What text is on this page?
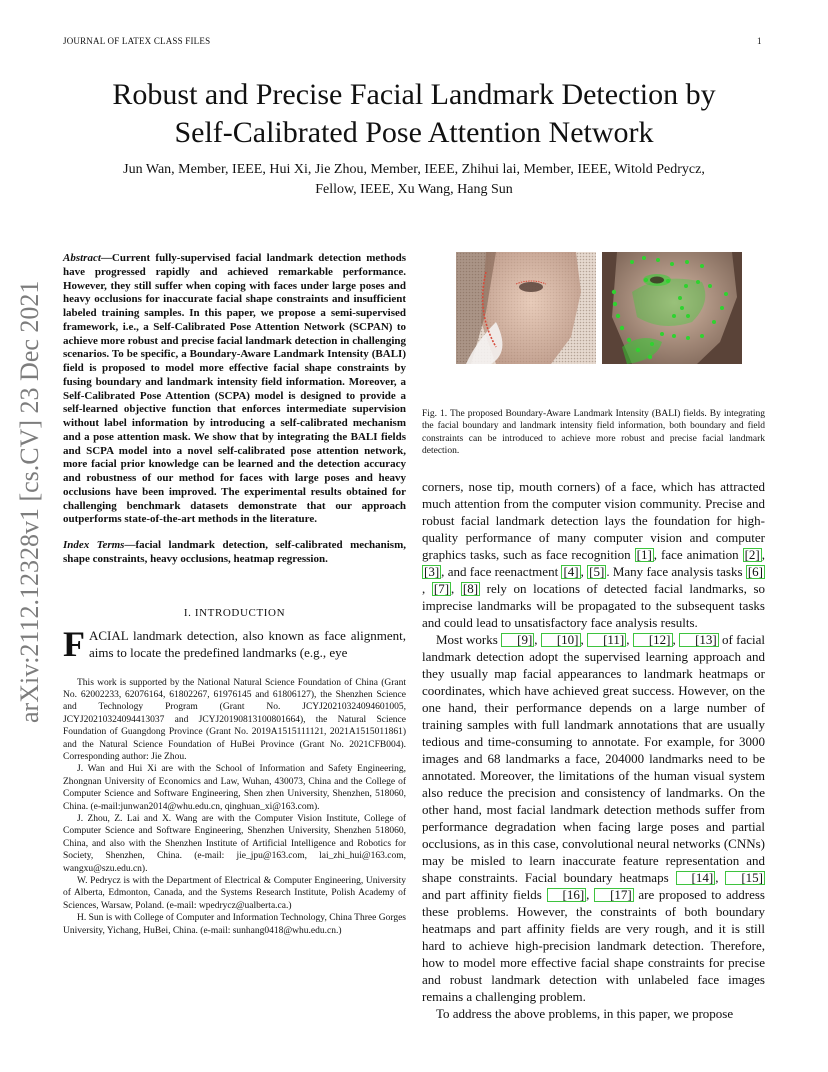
JOURNAL OF LATEX CLASS FILES	1
arXiv:2112.12328v1 [cs.CV] 23 Dec 2021
Robust and Precise Facial Landmark Detection by
Self-Calibrated Pose Attention Network
Jun Wan, Member, IEEE, Hui Xi, Jie Zhou, Member, IEEE, Zhihui lai, Member, IEEE, Witold Pedrycz,
Fellow, IEEE, Xu Wang, Hang Sun
Abstract—Current fully-supervised facial landmark detection methods have progressed rapidly and achieved remarkable performance. However, they still suffer when coping with faces under large poses and heavy occlusions for inaccurate facial shape constraints and insufficient labeled training samples. In this paper, we propose a semi-supervised framework, i.e., a Self-Calibrated Pose Attention Network (SCPAN) to achieve more robust and precise facial landmark detection in challenging scenarios. To be specific, a Boundary-Aware Landmark Intensity (BALI) field is proposed to model more effective facial shape constraints by fusing boundary and landmark intensity field information. Moreover, a Self-Calibrated Pose Attention (SCPA) model is designed to provide a self-learned objective function that enforces intermediate supervision without label information by introducing a self-calibrated mechanism and a pose attention mask. We show that by integrating the BALI fields and SCPA model into a novel self-calibrated pose attention network, more facial prior knowledge can be learned and the detection accuracy and robustness of our method for faces with large poses and heavy occlusions have been improved. The experimental results obtained for challenging benchmark datasets demonstrate that our approach outperforms state-of-the-art methods in the literature.
Index Terms—facial landmark detection, self-calibrated mechanism, shape constraints, heavy occlusions, heatmap regression.
I. INTRODUCTION
FACIAL landmark detection, also known as face alignment, aims to locate the predefined landmarks (e.g., eye

This work is supported by the National Natural Science Foundation of China (Grant No. 62002233, 62076164, 61802267, 61976145 and 61806127), the Shenzhen Science and Technology Program (Grant No. JCYJ20210324094601005, JCYJ20210324094413037 and JCYJ20190813100801664), the Natural Science Foundation of Guangdong Province (Grant No. 2019A1515111121, 2021A1515011861) and the Natural Science Foundation of HuBei Province (Grant No. 2021CFB004). Corresponding author: Jie Zhou.

J. Wan and Hui Xi are with the School of Information and Safety Engineering, Zhongnan University of Economics and Law, Wuhan, 430073, China and the College of Computer Science and Software Engineering, Shen zhen University, Shenzhen, 518060, China. (e-mail:junwan2014@whu.edu.cn, qinghuan_xi@163.com).

J. Zhou, Z. Lai and X. Wang are with the Computer Vision Institute, College of Computer Science and Software Engineering, Shenzhen University, Shenzhen 518060, China, and also with the Shenzhen Institute of Artificial Intelligence and Robotics for Society, Shenzhen, China. (e-mail: jie_jpu@163.com, lai_zhi_hui@163.com, wangxu@szu.edu.cn).

W. Pedrycz is with the Department of Electrical & Computer Engineering, University of Alberta, Edmonton, Canada, and the Systems Research Institute, Polish Academy of Sciences, Warsaw, Poland. (e-mail: wpedrycz@ualberta.ca.)

H. Sun is with College of Computer and Information Technology, China Three Gorges University, Yichang, HuBei, China. (e-mail: sunhang0418@whu.edu.cn.)

Fig. 1. The proposed Boundary-Aware Landmark Intensity (BALI) fields. By integrating the facial boundary and landmark intensity field information, both boundary and field constraints can be introduced to achieve more robust and precise facial landmark detection.

corners, nose tip, mouth corners) of a face, which has attracted much attention from the computer vision community. Precise and robust facial landmark detection lays the foundation for high-quality performance of many computer vision and computer graphics tasks, such as face recognition [1] , face animation [2] , [3] , and face reenactment [4] , [5] . Many face analysis tasks [6], [7] , [8] rely on locations of detected facial landmarks, so imprecise landmarks will be propagated to the subsequent tasks and could lead to unsatisfactory face analysis results.

Most works [9] , [10] , [11] , [12] , [13] of facial landmark detection adopt the supervised learning approach and they usually map facial appearances to landmark heatmaps or coordinates, which have achieved great success. However, on the one hand, their performance depends on a large number of training samples with full landmark annotations that are usually tedious and time-consuming to annotate. For example, for 3000 images and 68 landmarks a face, 204000 landmarks need to be annotated. Moreover, the limitations of the human visual system also reduce the precision and consistency of landmarks. On the other hand, most facial landmark detection methods suffer from performance degradation when facing large poses and partial occlusions, as in this case, convolutional neural networks (CNNs) may be misled to learn inaccurate feature representation and shape constraints. Facial boundary heatmaps [14] , [15] and part affinity fields [16] , [17] are proposed to address these problems. However, the constraints of both boundary heatmaps and part affinity fields are very rough, and it is still hard to achieve high-precision landmark detection. Therefore, how to model more effective facial shape constraints for precise and robust landmark detection with unlabeled face images remains a challenging problem.

To address the above problems, in this paper, we propose
